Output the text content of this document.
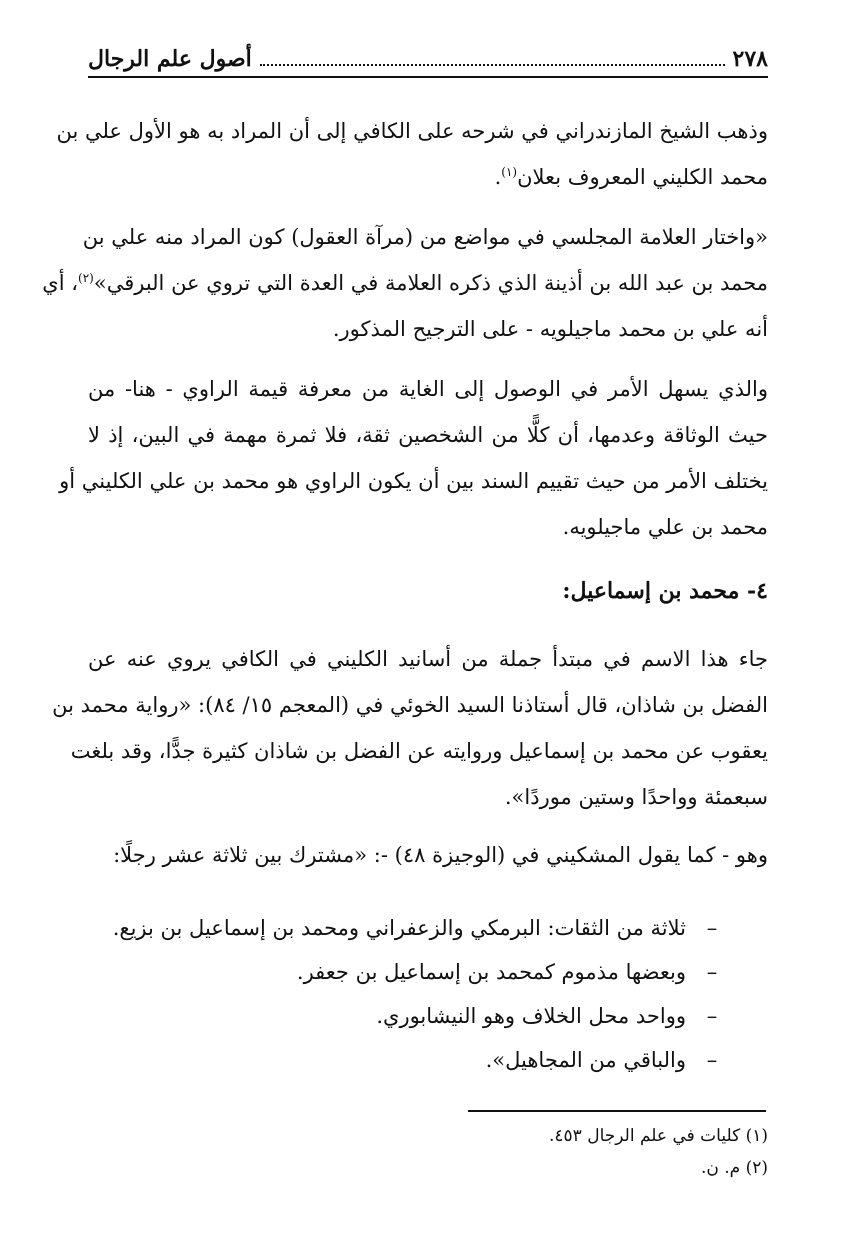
٢٧٨
أصول علم الرجال
وذهب الشيخ المازندراني في شرحه على الكافي إلى أن المراد به هو الأول علي بن
محمد الكليني المعروف بعلان$^{(١)}$.
«واختار العلامة المجلسي في مواضع من (مرآة العقول) كون المراد منه علي بن
محمد بن عبد الله بن أذينة الذي ذكره العلامة في العدة التي تروي عن البرقي»$^{(٢)}$، أي
أنه علي بن محمد ماجيلويه - على الترجيح المذكور.
والذي يسهل الأمر في الوصول إلى الغاية من معرفة قيمة الراوي - هنا- من
حيث الوثاقة وعدمها، أن كلًّا من الشخصين ثقة، فلا ثمرة مهمة في البين، إذ لا
يختلف الأمر من حيث تقييم السند بين أن يكون الراوي هو محمد بن علي الكليني أو
محمد بن علي ماجيلويه.
٤- محمد بن إسماعيل:
جاء هذا الاسم في مبتدأ جملة من أسانيد الكليني في الكافي يروي عنه عن
الفضل بن شاذان، قال أستاذنا السيد الخوئي في (المعجم ١٥/ ٨٤): «رواية محمد بن
يعقوب عن محمد بن إسماعيل وروايته عن الفضل بن شاذان كثيرة جدًّا، وقد بلغت
سبعمئة وواحدًا وستين موردًا».
وهو - كما يقول المشكيني في (الوجيزة ٤٨) -: «مشترك بين ثلاثة عشر رجلًا:
–
ثلاثة من الثقات: البرمكي والزعفراني ومحمد بن إسماعيل بن بزيع.
–
وبعضها مذموم كمحمد بن إسماعيل بن جعفر.
–
وواحد محل الخلاف وهو النيشابوري.
–
والباقي من المجاهيل».
(١) كليات في علم الرجال ٤٥٣.
(٢) م. ن.
